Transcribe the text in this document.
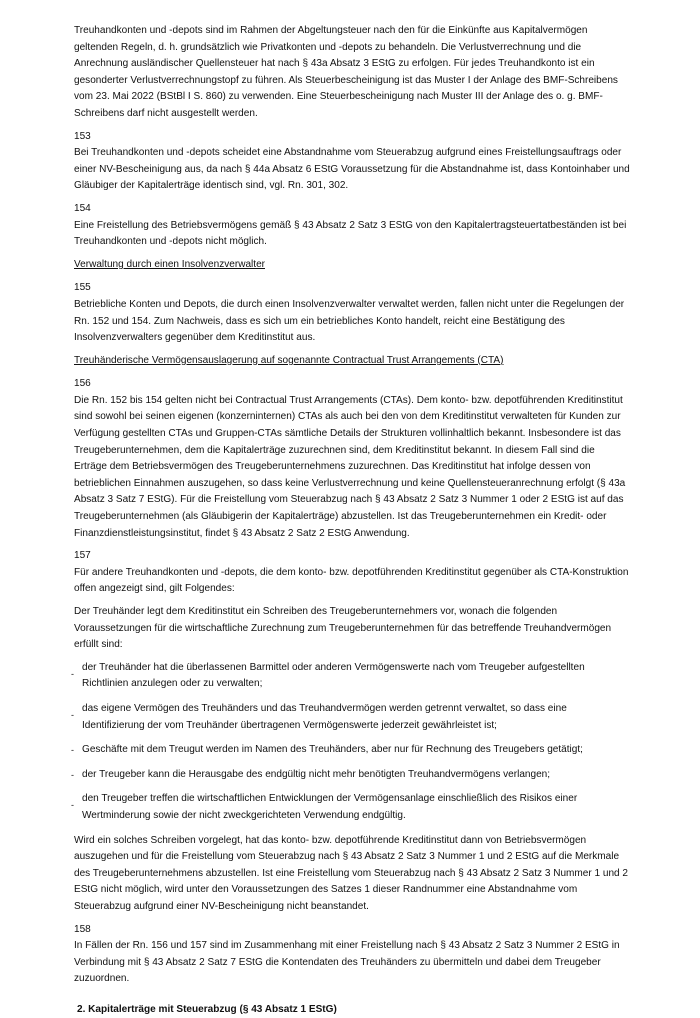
Treuhandkonten und -depots sind im Rahmen der Abgeltungsteuer nach den für die Einkünfte aus Kapitalvermögen geltenden Regeln, d. h. grundsätzlich wie Privatkonten und -depots zu behandeln. Die Verlustverrechnung und die Anrechnung ausländischer Quellensteuer hat nach § 43a Absatz 3 EStG zu erfolgen. Für jedes Treuhandkonto ist ein gesonderter Verlustverrechnungstopf zu führen. Als Steuerbescheinigung ist das Muster I der Anlage des BMF-Schreibens vom 23. Mai 2022 (BStBl I S. 860) zu verwenden. Eine Steuerbescheinigung nach Muster III der Anlage des o. g. BMF-Schreibens darf nicht ausgestellt werden.

153

Bei Treuhandkonten und -depots scheidet eine Abstandnahme vom Steuerabzug aufgrund eines Freistellungsauftrags oder einer NV-Bescheinigung aus, da nach § 44a Absatz 6 EStG Voraussetzung für die Abstandnahme ist, dass Kontoinhaber und Gläubiger der Kapitalerträge identisch sind, vgl. Rn. 301, 302.

154

Eine Freistellung des Betriebsvermögens gemäß § 43 Absatz 2 Satz 3 EStG von den Kapitalertragsteuertatbeständen ist bei Treuhandkonten und -depots nicht möglich.

Verwaltung durch einen Insolvenzverwalter

155

Betriebliche Konten und Depots, die durch einen Insolvenzverwalter verwaltet werden, fallen nicht unter die Regelungen der Rn. 152 und 154. Zum Nachweis, dass es sich um ein betriebliches Konto handelt, reicht eine Bestätigung des Insolvenzverwalters gegenüber dem Kreditinstitut aus.

Treuhänderische Vermögensauslagerung auf sogenannte Contractual Trust Arrangements (CTA)

156

Die Rn. 152 bis 154 gelten nicht bei Contractual Trust Arrangements (CTAs). Dem konto- bzw. depotführenden Kreditinstitut sind sowohl bei seinen eigenen (konzerninternen) CTAs als auch bei den von dem Kreditinstitut verwalteten für Kunden zur Verfügung gestellten CTAs und Gruppen-CTAs sämtliche Details der Strukturen vollinhaltlich bekannt. Insbesondere ist das Treugeberunternehmen, dem die Kapitalerträge zuzurechnen sind, dem Kreditinstitut bekannt. In diesem Fall sind die Erträge dem Betriebsvermögen des Treugeberunternehmens zuzurechnen. Das Kreditinstitut hat infolge dessen von betrieblichen Einnahmen auszugehen, so dass keine Verlustverrechnung und keine Quellensteueranrechnung erfolgt (§ 43a Absatz 3 Satz 7 EStG). Für die Freistellung vom Steuerabzug nach § 43 Absatz 2 Satz 3 Nummer 1 oder 2 EStG ist auf das Treugeberunternehmen (als Gläubigerin der Kapitalerträge) abzustellen. Ist das Treugeberunternehmen ein Kredit- oder Finanzdienstleistungsinstitut, findet § 43 Absatz 2 Satz 2 EStG Anwendung.

157

Für andere Treuhandkonten und -depots, die dem konto- bzw. depotführenden Kreditinstitut gegenüber als CTA-Konstruktion offen angezeigt sind, gilt Folgendes:

Der Treuhänder legt dem Kreditinstitut ein Schreiben des Treugeberunternehmers vor, wonach die folgenden Voraussetzungen für die wirtschaftliche Zurechnung zum Treugeberunternehmen für das betreffende Treuhandvermögen erfüllt sind:

-
der Treuhänder hat die überlassenen Barmittel oder anderen Vermögenswerte nach vom Treugeber aufgestellten Richtlinien anzulegen oder zu verwalten;
-
das eigene Vermögen des Treuhänders und das Treuhandvermögen werden getrennt verwaltet, so dass eine Identifizierung der vom Treuhänder übertragenen Vermögenswerte jederzeit gewährleistet ist;
- Geschäfte mit dem Treugut werden im Namen des Treuhänders, aber nur für Rechnung des Treugebers getätigt;
- der Treugeber kann die Herausgabe des endgültig nicht mehr benötigten Treuhandvermögens verlangen;
-
den Treugeber treffen die wirtschaftlichen Entwicklungen der Vermögensanlage einschließlich des Risikos einer Wertminderung sowie der nicht zweckgerichteten Verwendung endgültig.

Wird ein solches Schreiben vorgelegt, hat das konto- bzw. depotführende Kreditinstitut dann von Betriebsvermögen auszugehen und für die Freistellung vom Steuerabzug nach § 43 Absatz 2 Satz 3 Nummer 1 und 2 EStG auf die Merkmale des Treugeberunternehmens abzustellen. Ist eine Freistellung vom Steuerabzug nach § 43 Absatz 2 Satz 3 Nummer 1 und 2 EStG nicht möglich, wird unter den Voraussetzungen des Satzes 1 dieser Randnummer eine Abstandnahme vom Steuerabzug aufgrund einer NV-Bescheinigung nicht beanstandet.

158

In Fällen der Rn. 156 und 157 sind im Zusammenhang mit einer Freistellung nach § 43 Absatz 2 Satz 3 Nummer 2 EStG in Verbindung mit § 43 Absatz 2 Satz 7 EStG die Kontendaten des Treuhänders zu übermitteln und dabei dem Treugeber zuzuordnen.

2. Kapitalerträge mit Steuerabzug (§ 43 Absatz 1 EStG)
